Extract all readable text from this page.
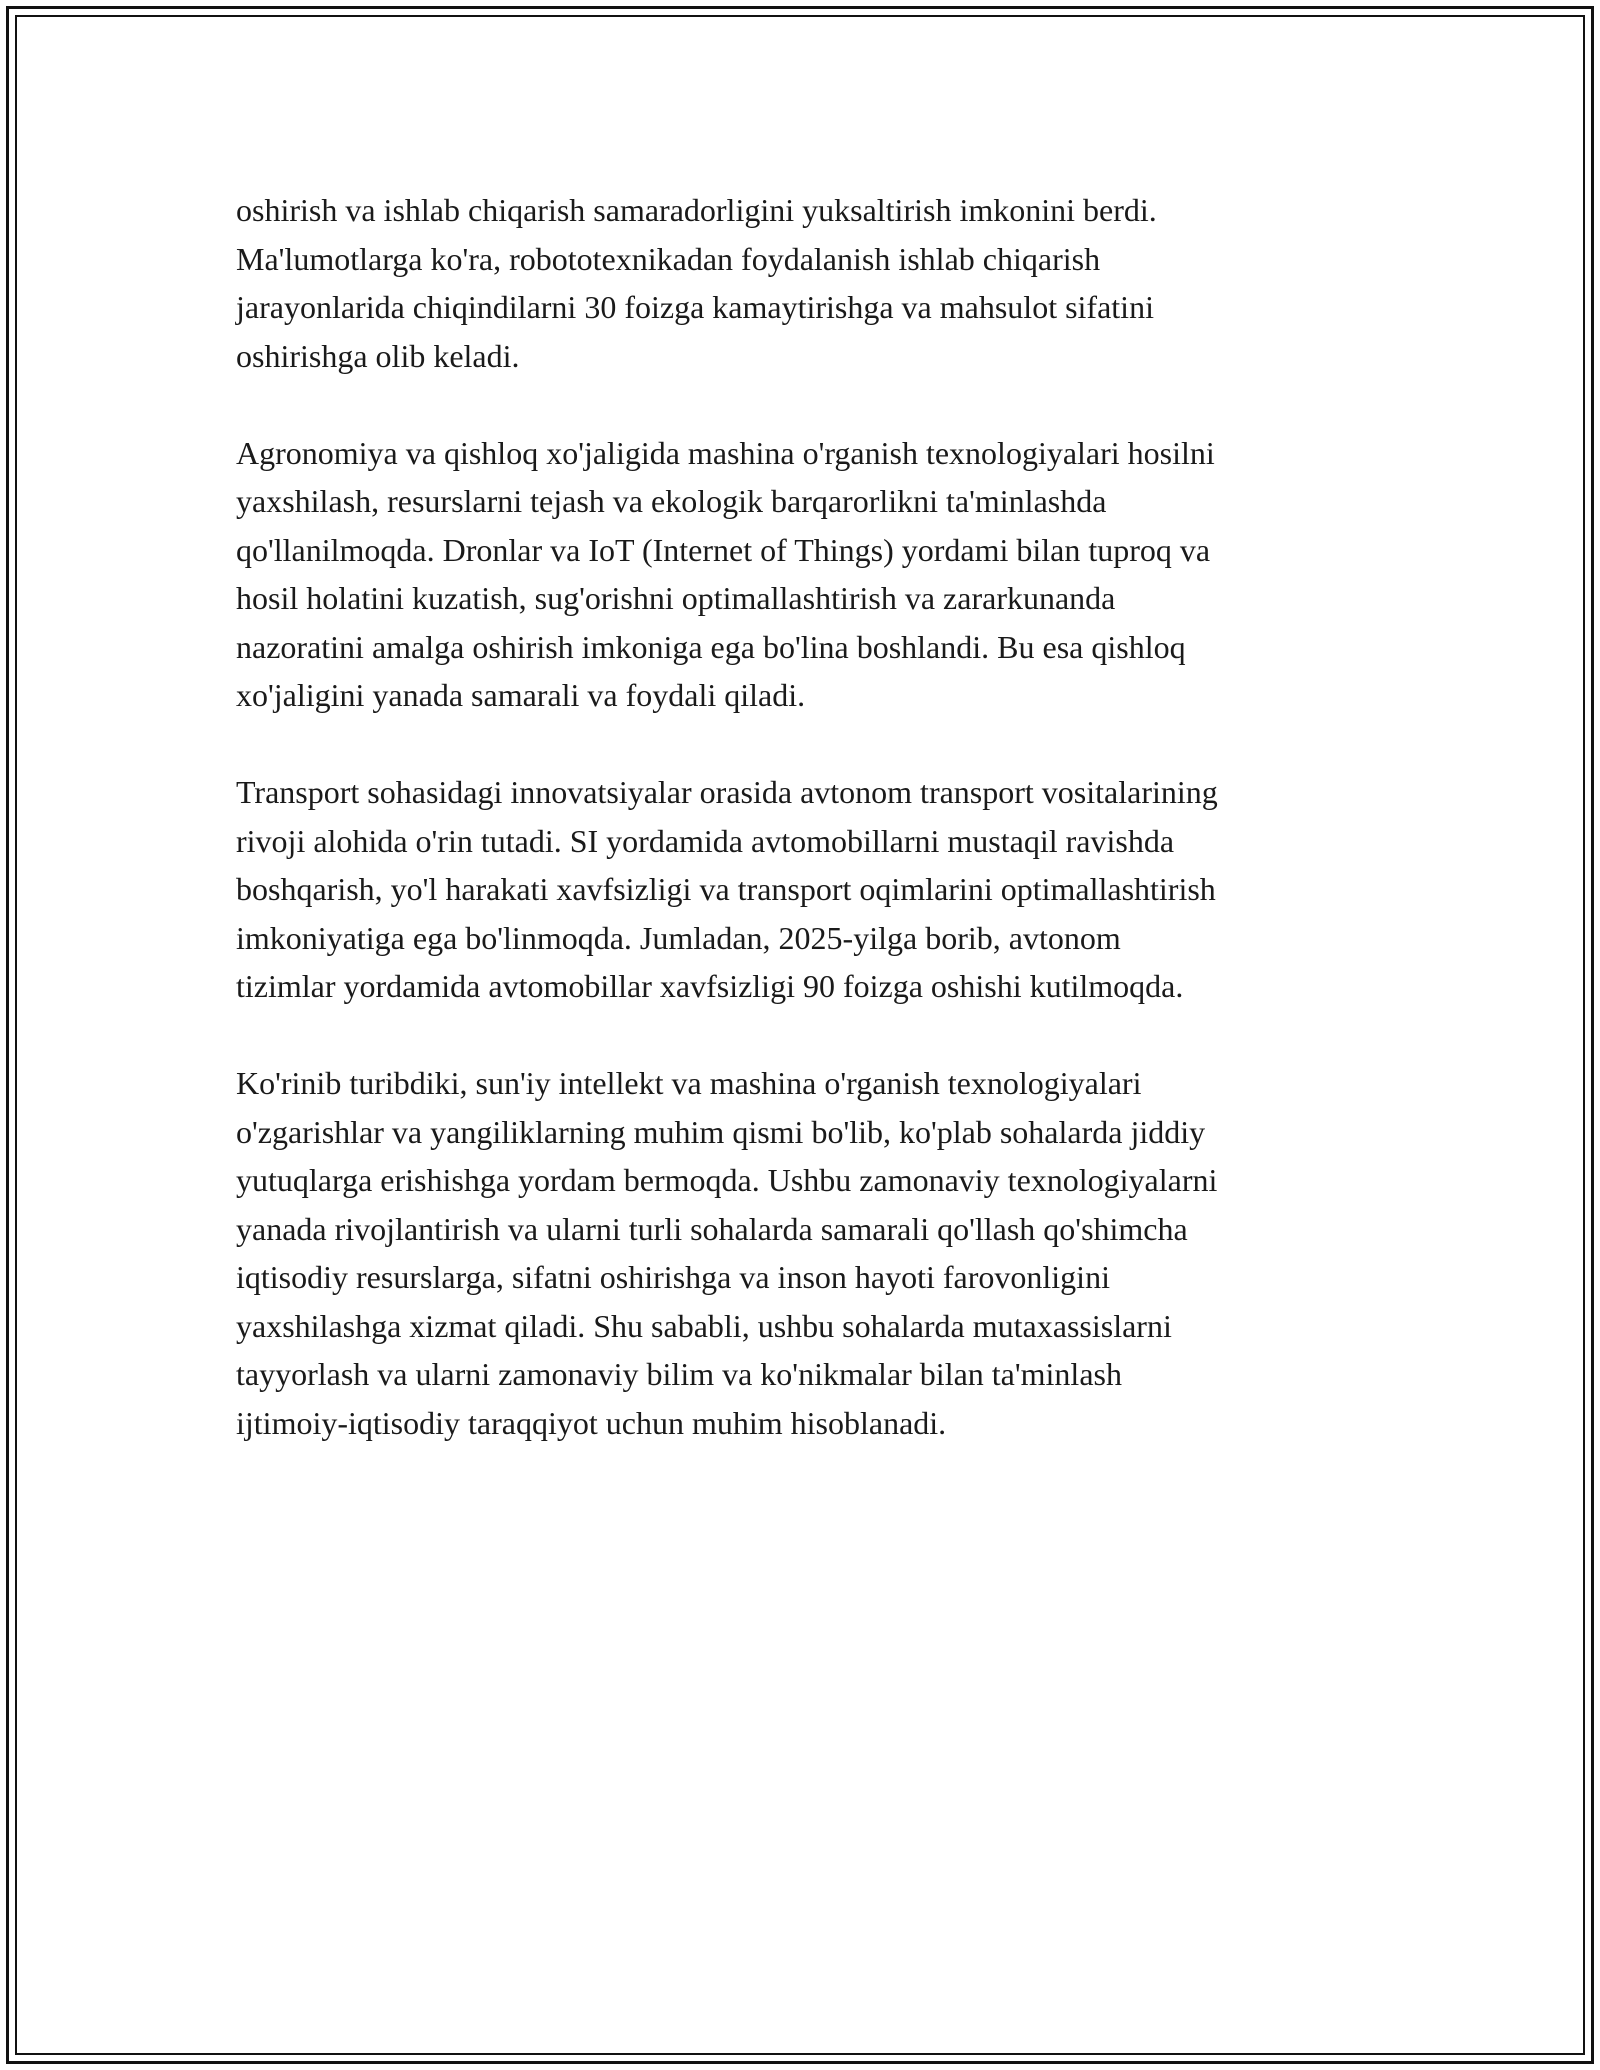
oshirish va ishlab chiqarish samaradorligini yuksaltirish imkonini berdi.
Ma'lumotlarga ko'ra, robototexnikadan foydalanish ishlab chiqarish
jarayonlarida chiqindilarni 30 foizga kamaytirishga va mahsulot sifatini
oshirishga olib keladi.

Agronomiya va qishloq xo'jaligida mashina o'rganish texnologiyalari hosilni
yaxshilash, resurslarni tejash va ekologik barqarorlikni ta'minlashda
qo'llanilmoqda. Dronlar va IoT (Internet of Things) yordami bilan tuproq va
hosil holatini kuzatish, sug'orishni optimallashtirish va zararkunanda
nazoratini amalga oshirish imkoniga ega bo'lina boshlandi. Bu esa qishloq
xo'jaligini yanada samarali va foydali qiladi.

Transport sohasidagi innovatsiyalar orasida avtonom transport vositalarining
rivoji alohida o'rin tutadi. SI yordamida avtomobillarni mustaqil ravishda
boshqarish, yo'l harakati xavfsizligi va transport oqimlarini optimallashtirish
imkoniyatiga ega bo'linmoqda. Jumladan, 2025-yilga borib, avtonom
tizimlar yordamida avtomobillar xavfsizligi 90 foizga oshishi kutilmoqda.

Ko'rinib turibdiki, sun'iy intellekt va mashina o'rganish texnologiyalari
o'zgarishlar va yangiliklarning muhim qismi bo'lib, ko'plab sohalarda jiddiy
yutuqlarga erishishga yordam bermoqda. Ushbu zamonaviy texnologiyalarni
yanada rivojlantirish va ularni turli sohalarda samarali qo'llash qo'shimcha
iqtisodiy resurslarga, sifatni oshirishga va inson hayoti farovonligini
yaxshilashga xizmat qiladi. Shu sababli, ushbu sohalarda mutaxassislarni
tayyorlash va ularni zamonaviy bilim va ko'nikmalar bilan ta'minlash
ijtimoiy-iqtisodiy taraqqiyot uchun muhim hisoblanadi.
